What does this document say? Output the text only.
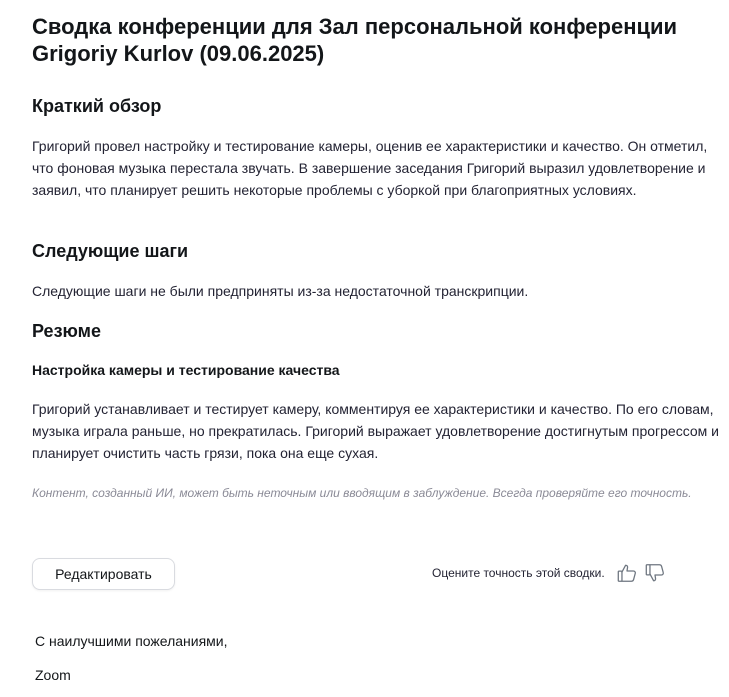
Сводка конференции для Зал персональной конференции Grigoriy Kurlov (09.06.2025)
Краткий обзор

Григорий провел настройку и тестирование камеры, оценив ее характеристики и качество. Он отметил, что фоновая музыка перестала звучать. В завершение заседания Григорий выразил удовлетворение и заявил, что планирует решить некоторые проблемы с уборкой при благоприятных условиях.

Следующие шаги

Следующие шаги не были предприняты из-за недостаточной транскрипции.

Резюме
Настройка камеры и тестирование качества

Григорий устанавливает и тестирует камеру, комментируя ее характеристики и качество. По его словам, музыка играла раньше, но прекратилась. Григорий выражает удовлетворение достигнутым прогрессом и планирует очистить часть грязи, пока она еще сухая.

Контент, созданный ИИ, может быть неточным или вводящим в заблуждение. Всегда проверяйте его точность.

Редактировать	Оцените точность этой сводки.

С наилучшими пожеланиями,

Zoom
